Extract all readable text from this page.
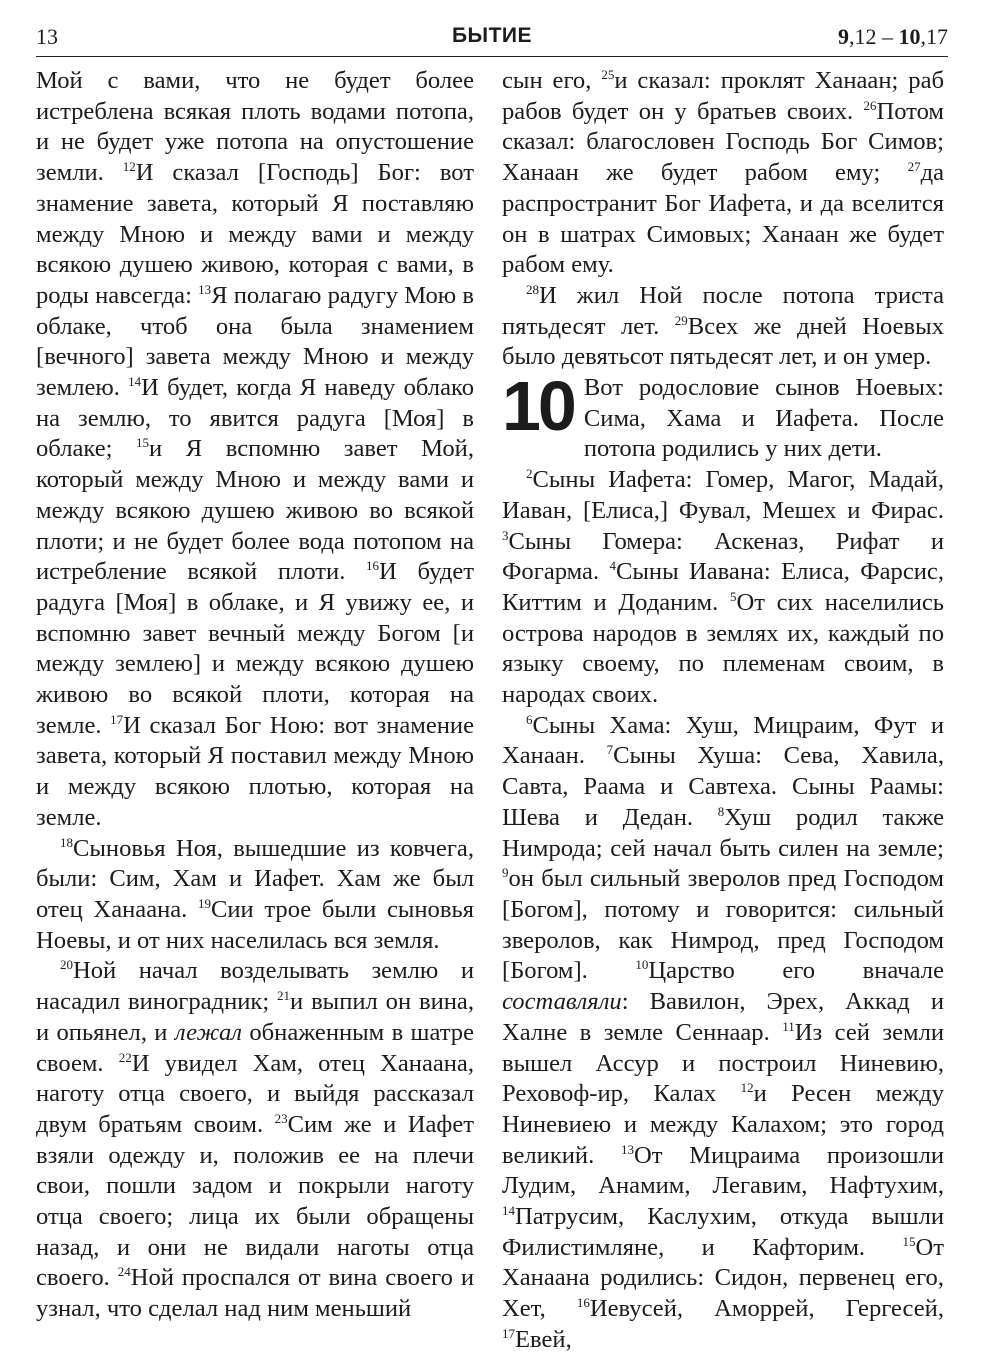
13	БЫТИЕ	9,12 – 10,17

Мой с вами, что не будет более истреблена всякая плоть водами потопа, и не будет уже потопа на опустошение земли. $^{12}$И сказал [Господь] Бог: вот знамение завета, который Я поставляю между Мною и между вами и между всякою душею живою, которая с вами, в роды навсегда: $^{13}$Я полагаю радугу Мою в облаке, чтоб она была знамением [вечного] завета между Мною и между землею. $^{14}$И будет, когда Я наведу облако на землю, то явится радуга [Моя] в облаке; $^{15}$и Я вспомню завет Мой, который между Мною и между вами и между всякою душею живою во всякой плоти; и не будет более вода потопом на истребление всякой плоти. $^{16}$И будет радуга [Моя] в облаке, и Я увижу ее, и вспомню завет вечный между Богом [и между землею] и между всякою душею живою во всякой плоти, которая на земле. $^{17}$И сказал Бог Ною: вот знамение завета, который Я поставил между Мною и между всякою плотью, которая на земле.

$^{18}$Сыновья Ноя, вышедшие из ковчега, были: Сим, Хам и Иафет. Хам же был отец Ханаана. $^{19}$Сии трое были сыновья Ноевы, и от них населилась вся земля.

$^{20}$Ной начал возделывать землю и насадил виноградник; $^{21}$и выпил он вина, и опьянел, и лежал обнаженным в шатре своем. $^{22}$И увидел Хам, отец Ханаана, наготу отца своего, и выйдя рассказал двум братьям своим. $^{23}$Сим же и Иафет взяли одежду и, положив ее на плечи свои, пошли задом и покрыли наготу отца своего; лица их были обращены назад, и они не видали наготы отца своего. $^{24}$Ной проспался от вина своего и узнал, что сделал над ним меньший

сын его, $^{25}$и сказал: проклят Ханаан; раб рабов будет он у братьев своих. $^{26}$Потом сказал: благословен Господь Бог Симов; Ханаан же будет рабом ему; $^{27}$да распространит Бог Иафета, и да вселится он в шатрах Симовых; Ханаан же будет рабом ему.

$^{28}$И жил Ной после потопа триста пятьдесят лет. $^{29}$Всех же дней Ноевых было девятьсот пятьдесят лет, и он умер.

10 Вот родословие сынов Ноевых: Сима, Хама и Иафета. После потопа родились у них дети.

$^2$Сыны Иафета: Гомер, Магог, Мадай, Иаван, [Елиса,] Фувал, Мешех и Фирас. $^3$Сыны Гомера: Аскеназ, Рифат и Фогарма. $^4$Сыны Иавана: Елиса, Фарсис, Киттим и Доданим. $^5$От сих населились острова народов в землях их, каждый по языку своему, по племенам своим, в народах своих.

$^6$Сыны Хама: Хуш, Мицраим, Фут и Ханаан. $^7$Сыны Хуша: Сева, Хавила, Савта, Раама и Савтеха. Сыны Раамы: Шева и Дедан. $^8$Хуш родил также Нимрода; сей начал быть силен на земле; $^9$он был сильный зверолов пред Господом [Богом], потому и говорится: сильный зверолов, как Нимрод, пред Господом [Богом]. $^{10}$Царство его вначале составляли: Вавилон, Эрех, Аккад и Халне в земле Сеннаар. $^{11}$Из сей земли вышел Ассур и построил Ниневию, Реховоф-ир, Калах $^{12}$и Ресен между Ниневиею и между Калахом; это город великий. $^{13}$От Мицраима произошли Лудим, Анамим, Легавим, Нафтухим, $^{14}$Патрусим, Каслухим, откуда вышли Филистимляне, и Кафторим. $^{15}$От Ханаана родились: Сидон, первенец его, Хет, $^{16}$Иевусей, Аморрей, Гергесей, $^{17}$Евей,
